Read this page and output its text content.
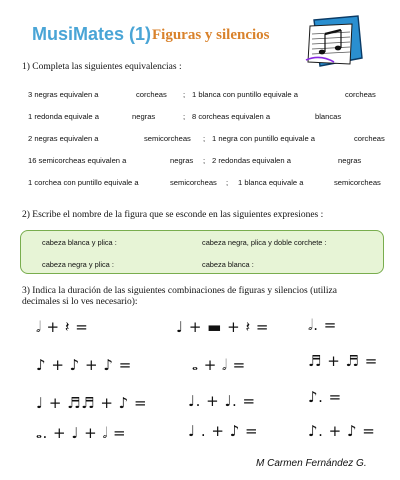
MusiMates (1) Figuras y silencios
1) Completa las siguientes equivalencias :
3 negras equivalen a	corcheas ; 1 blanca con puntillo equivale a	corcheas
1 redonda equivale a	negras	; 8 corcheas equivalen a	blancas
2 negras equivalen a	semicorcheas ; 1 negra con puntillo equivale a	corcheas
16 semicorcheas equivalen a	negras ; 2 redondas equivalen a	negras
1 corchea con puntillo equivale a	semicorcheas ; 1 blanca equivale a	semicorcheas
2) Escribe el nombre de la figura que se esconde en las siguientes expresiones :
cabeza blanca y plica :	cabeza negra, plica y doble corchete :
cabeza negra y plica :	cabeza blanca :
3) Indica la duración de las siguientes combinaciones de figuras y silencios (utiliza
decimales si lo ves necesario):
𝅗𝅥 + 𝄽 =	♩ + ▬ + 𝄽 =	𝅗𝅥. =
♪ + ♪ + ♪ =	𝅝 + 𝅗𝅥 =	♬ + ♬ =
♩ + ♬♬ + ♪ =	♩. + ♩. =	♪. =
𝅝. + ♩ + 𝅗𝅥 =	♩ . + ♪ =	♪. + ♪ =
M Carmen Fernández G.
